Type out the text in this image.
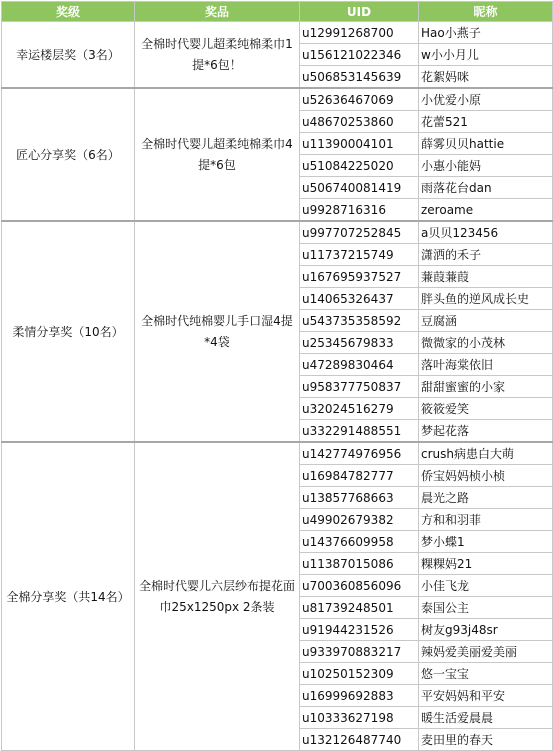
奖级	奖品	UID	昵称
幸运楼层奖（3名）	全棉时代婴儿超柔纯棉柔巾1提*6包！	u12991268700	Hao小燕子
		u156121022346	w小小月儿
		u506853145639	花絮妈咪
匠心分享奖（6名）	全棉时代婴儿超柔纯棉柔巾4提*6包	u52636467069	小优爱小原
		u48670253860	花蕾521
		u11390004101	薛雾贝贝hattie
		u51084225020	小惠小能妈
		u506740081419	雨落花台dan
		u9928716316	zeroame
柔情分享奖（10名）	全棉时代纯棉婴儿手口湿4提*4袋	u997707252845	a贝贝123456
		u11737215749	潇洒的禾子
		u167695937527	蒹葭蒹葭
		u14065326437	胖头鱼的逆风成长史
		u543735358592	豆腐涵
		u25345679833	微微家的小茂林
		u47289830464	落叶海棠依旧
		u958377750837	甜甜蜜蜜的小家
		u32024516279	筱筱爱笑
		u332291488551	梦起花落
全棉分享奖（共14名）	全棉时代婴儿六层纱布提花面巾25x1250px 2条装	u142774976956	crush病患白大萌
		u16984782777	侨宝妈妈桢小桢
		u13857768663	晨光之路
		u49902679382	方和和羽菲
		u14376609958	梦小蝶1
		u11387015086	粿粿妈21
		u700360856096	小佳飞龙
		u81739248501	泰国公主
		u91944231526	树友g93j48sr
		u933970883217	辣妈爱美丽爱美丽
		u10250152309	悠一宝宝
		u16999692883	平安妈妈和平安
		u10333627198	暖生活爱晨晨
		u132126487740	麦田里的春天
